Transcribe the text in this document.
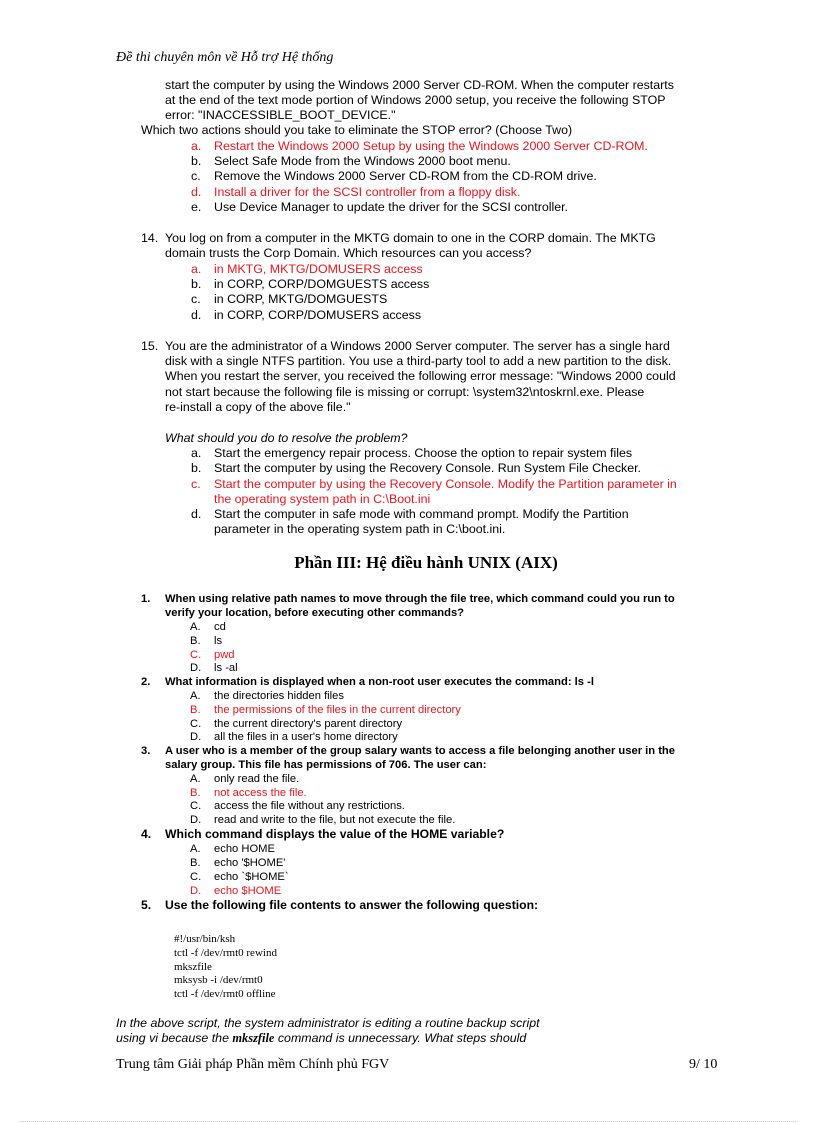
Đề thi chuyên môn về Hỗ trợ Hệ thống
start the computer by using the Windows 2000 Server CD-ROM. When the computer restarts
at the end of the text mode portion of Windows 2000 setup, you receive the following STOP
error: "INACCESSIBLE_BOOT_DEVICE."
Which two actions should you take to eliminate the STOP error? (Choose Two)
a. Restart the Windows 2000 Setup by using the Windows 2000 Server CD-ROM.
b. Select Safe Mode from the Windows 2000 boot menu.
c. Remove the Windows 2000 Server CD-ROM from the CD-ROM drive.
d. Install a driver for the SCSI controller from a floppy disk.
e. Use Device Manager to update the driver for the SCSI controller.
14. You log on from a computer in the MKTG domain to one in the CORP domain. The MKTG
domain trusts the Corp Domain. Which resources can you access?
a. in MKTG, MKTG/DOMUSERS access
b. in CORP, CORP/DOMGUESTS access
c. in CORP, MKTG/DOMGUESTS
d. in CORP, CORP/DOMUSERS access
15. You are the administrator of a Windows 2000 Server computer. The server has a single hard
disk with a single NTFS partition. You use a third-party tool to add a new partition to the disk.
When you restart the server, you received the following error message: "Windows 2000 could
not start because the following file is missing or corrupt: \system32\ntoskrnl.exe. Please
re-install a copy of the above file."
What should you do to resolve the problem?
a. Start the emergency repair process. Choose the option to repair system files
b. Start the computer by using the Recovery Console. Run System File Checker.
c. Start the computer by using the Recovery Console. Modify the Partition parameter in
the operating system path in C:\Boot.ini
d. Start the computer in safe mode with command prompt. Modify the Partition
parameter in the operating system path in C:\boot.ini.
Phần III: Hệ điều hành UNIX (AIX)
1. When using relative path names to move through the file tree, which command could you run to
verify your location, before executing other commands?
A. cd
B. ls
C. pwd
D. ls -al
2. What information is displayed when a non-root user executes the command: ls -l
A. the directories hidden files
B. the permissions of the files in the current directory
C. the current directory's parent directory
D. all the files in a user's home directory
3. A user who is a member of the group salary wants to access a file belonging another user in the
salary group. This file has permissions of 706. The user can:
A. only read the file.
B. not access the file.
C. access the file without any restrictions.
D. read and write to the file, but not execute the file.
4. Which command displays the value of the HOME variable?
A. echo HOME
B. echo '$HOME'
C. echo `$HOME`
D. echo $HOME
5. Use the following file contents to answer the following question:
#!/usr/bin/ksh
tctl -f /dev/rmt0 rewind
mkszfile
mksysb -i /dev/rmt0
tctl -f /dev/rmt0 offline
In the above script, the system administrator is editing a routine backup script
using vi because the mkszfile command is unnecessary. What steps should
Trung tâm Giải pháp Phần mềm Chính phủ FGV	9/ 10
